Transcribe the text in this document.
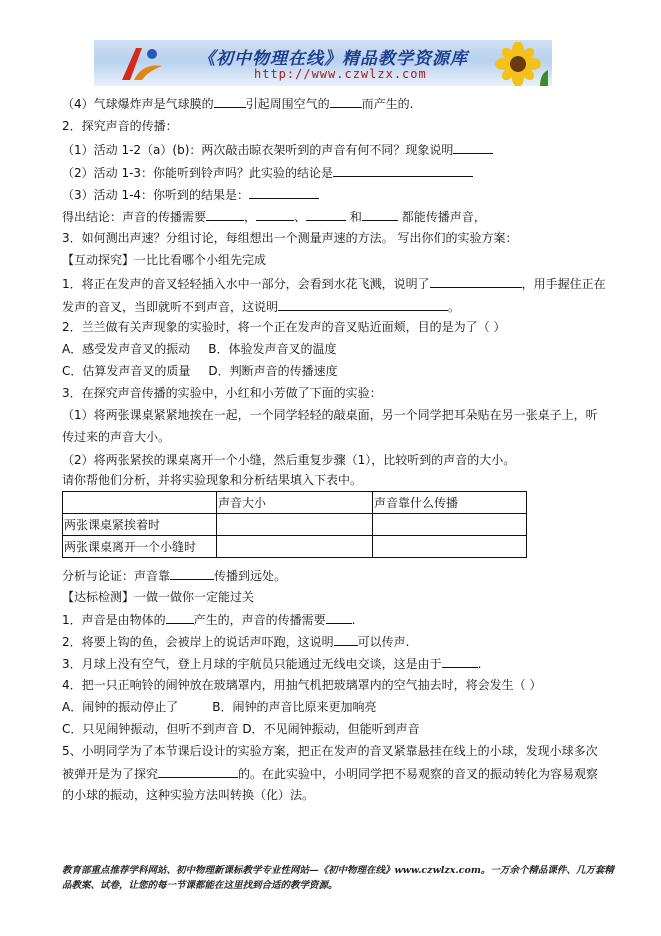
《初中物理在线》精品教学资源库
http://www.czwlzx.com
（4）气球爆炸声是气球膜的	引起周围空气的	而产生的.
2．探究声音的传播：
（1）活动 1-2（a）(b)：两次敲击晾衣架听到的声音有何不同？现象说明
（2）活动 1-3：你能听到铃声吗？此实验的结论是
（3）活动 1-4：你听到的结果是：
得出结论：声音的传播需要	，	、	和	都能传播声音，
3．如何测出声速？分组讨论，每组想出一个测量声速的方法。 写出你们的实验方案：
【互动探究】一比比看哪个小组先完成
1．将正在发声的音叉轻轻插入水中一部分，会看到水花飞溅，说明了	，用手握住正在
发声的音叉，当即就听不到声音，这说明	。
2．兰兰做有关声现象的实验时，将一个正在发声的音叉贴近面颊，目的是为了（ ）
A．感受发声音叉的振动 B．体验发声音叉的温度
C．估算发声音叉的质量 D．判断声音的传播速度
3．在探究声音传播的实验中，小红和小芳做了下面的实验：
（1）将两张课桌紧紧地挨在一起，一个同学轻轻的敲桌面，另一个同学把耳朵贴在另一张桌子上，听
传过来的声音大小。
（2）将两张紧挨的课桌离开一个小缝，然后重复步骤（1），比较听到的声音的大小。
请你帮他们分析，并将实验现象和分析结果填入下表中。
	声音大小	声音靠什么传播
两张课桌紧挨着时		
两张课桌离开一个小缝时		
分析与论证：声音靠	传播到远处。
【达标检测】一做一做你一定能过关
1．声音是由物体的 产生的，声音的传播需要 .
2．将要上钩的鱼，会被岸上的说话声吓跑，这说明 可以传声.
3．月球上没有空气，登上月球的宇航员只能通过无线电交谈，这是由于	.
4．把一只正响铃的闹钟放在玻璃罩内，用抽气机把玻璃罩内的空气抽去时，将会发生（ ）
A．闹钟的振动停止了	B．闹钟的声音比原来更加响亮
C．只见闹钟振动，但听不到声音 D．不见闹钟振动，但能听到声音
5、小明同学为了本节课后设计的实验方案，把正在发声的音叉紧靠悬挂在线上的小球，发现小球多次
被弹开是为了探究	的。在此实验中，小明同学把不易观察的音叉的振动转化为容易观察
的小球的振动，这种实验方法叫转换（化）法。
教育部重点推荐学科网站、初中物理新课标教学专业性网站—《初中物理在线》www.czwlzx.com。一万余个精品课件、几万套精品教案、试卷，让您的每一节课都能在这里找到合适的教学资源。
